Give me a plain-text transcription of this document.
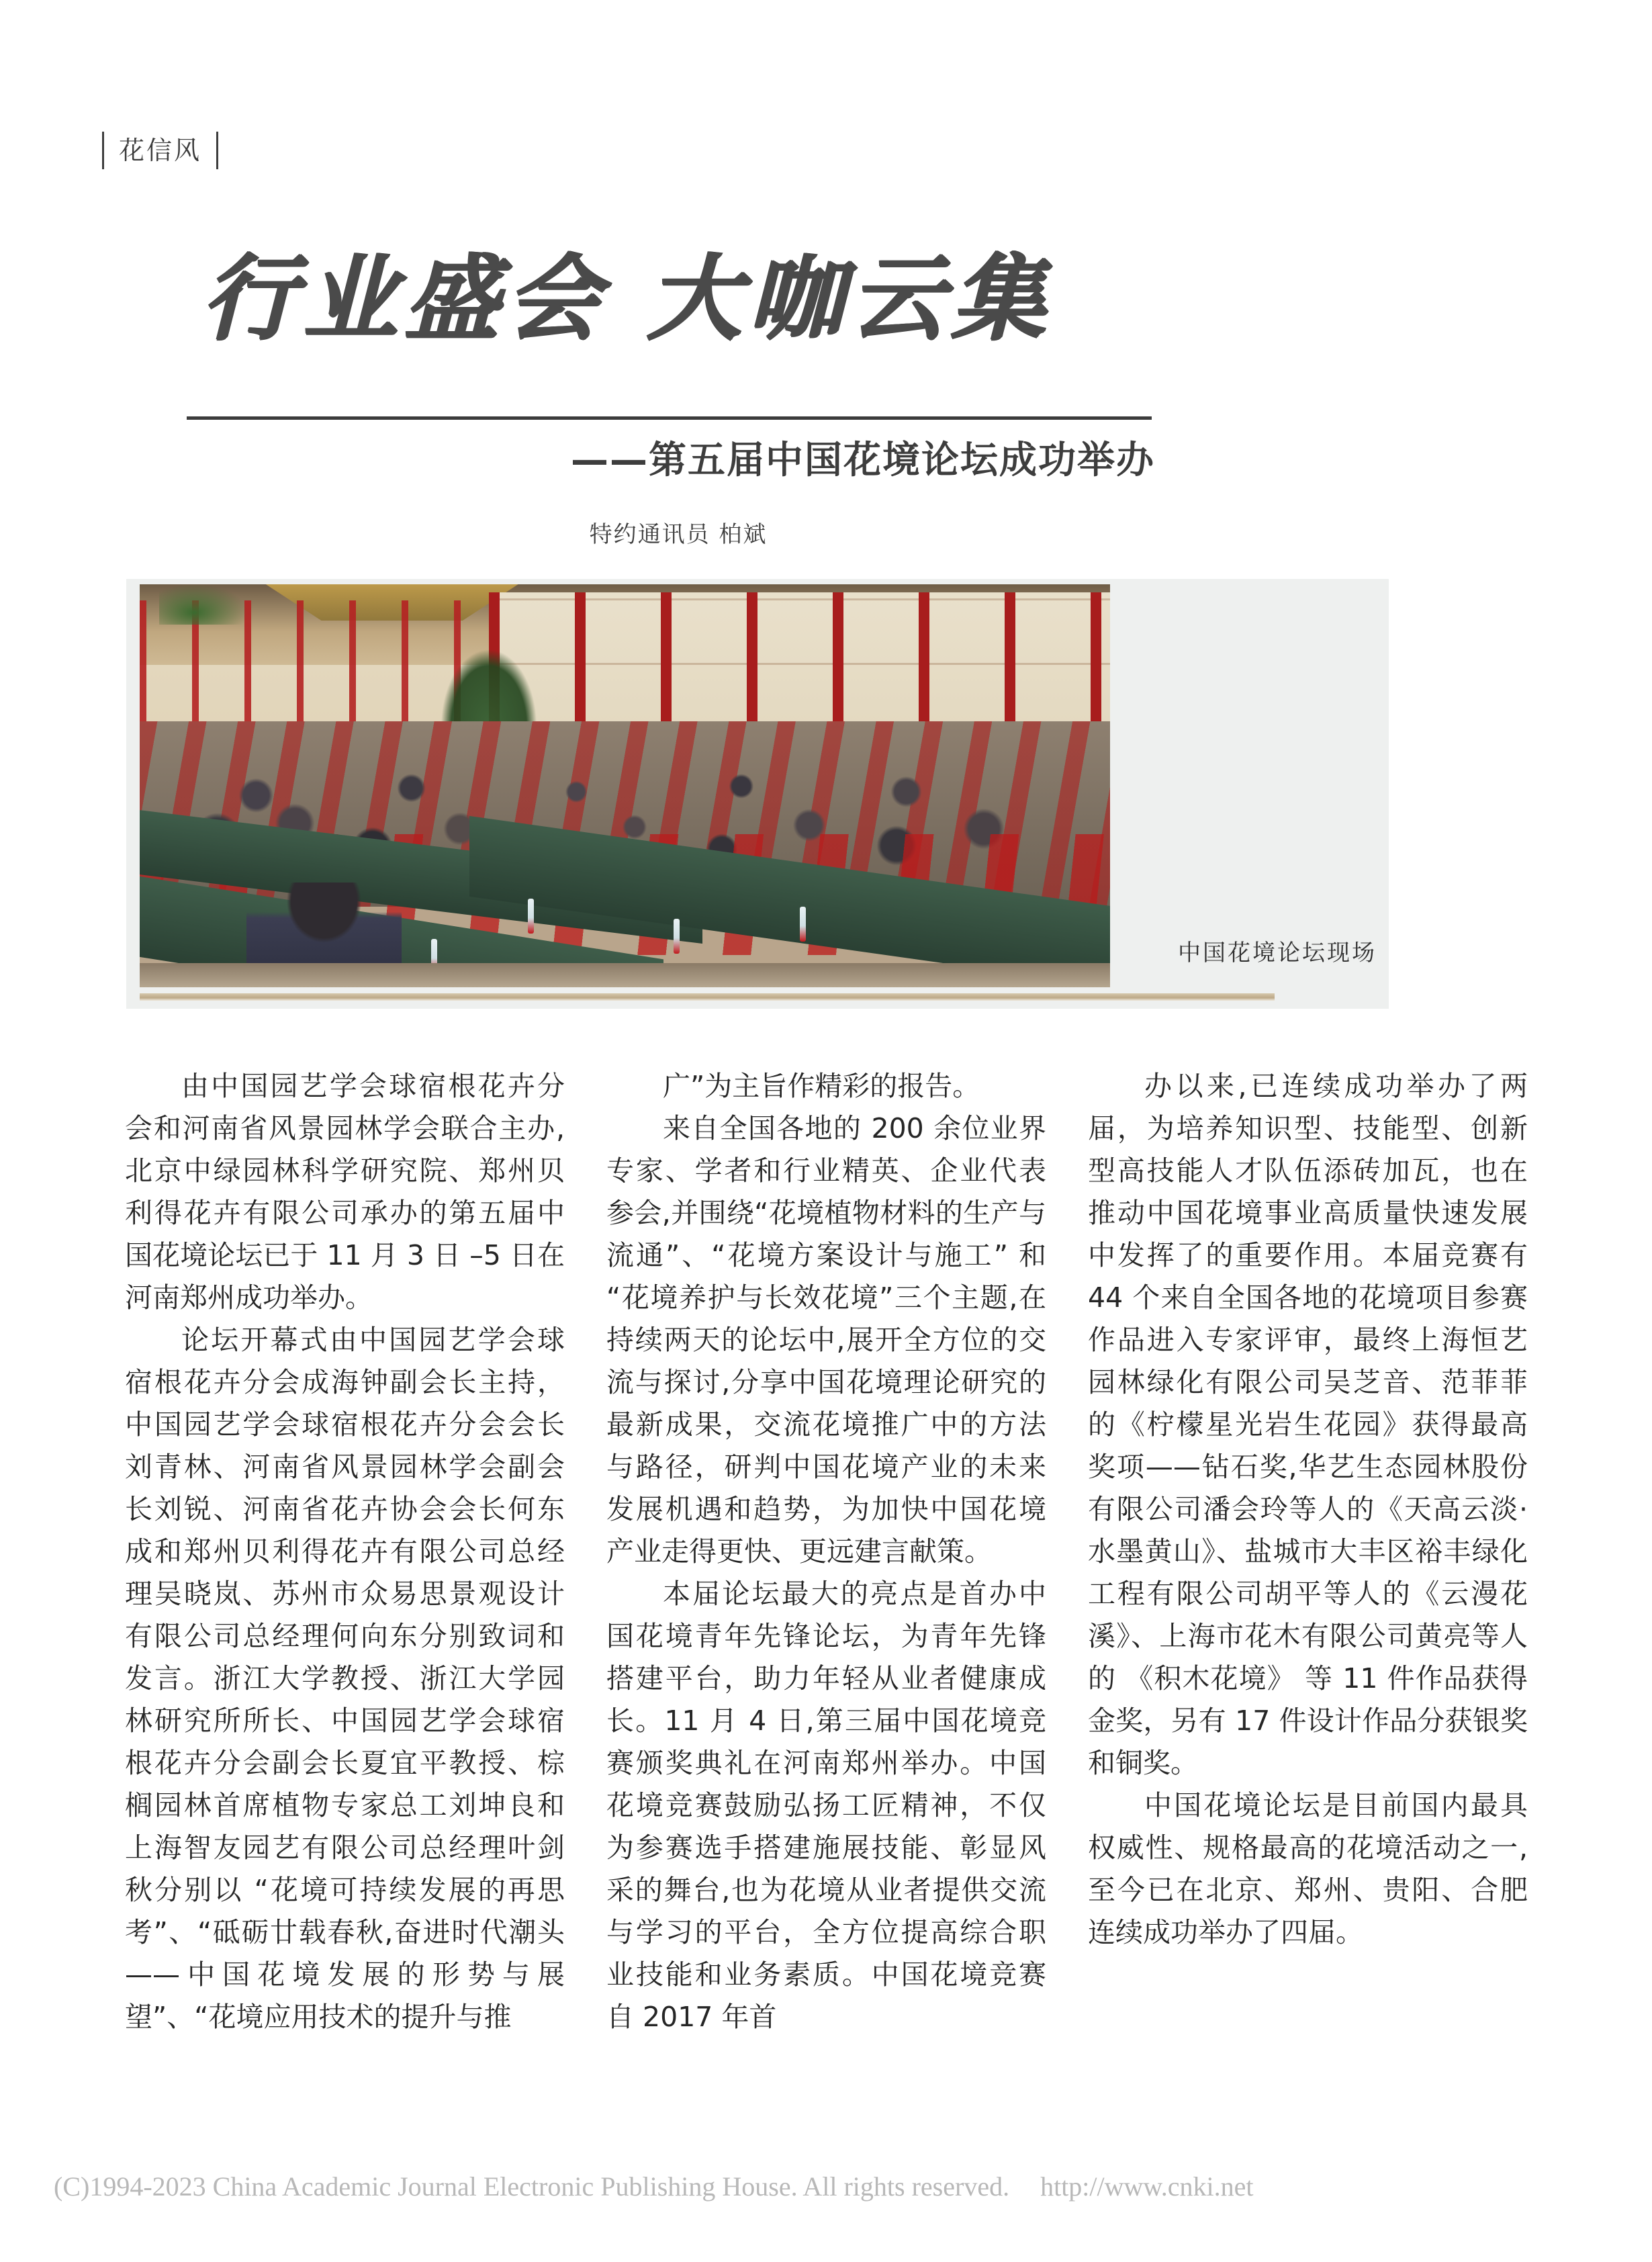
花信风
行业盛会 大咖云集
——第五届中国花境论坛成功举办
特约通讯员 柏斌
中国花境论坛现场

由中国园艺学会球宿根花卉分会和河南省风景园林学会联合主办,北京中绿园林科学研究院、郑州贝利得花卉有限公司承办的第五届中国花境论坛已于 11 月 3 日 –5 日在河南郑州成功举办。

论坛开幕式由中国园艺学会球宿根花卉分会成海钟副会长主持，中国园艺学会球宿根花卉分会会长刘青林、河南省风景园林学会副会长刘锐、河南省花卉协会会长何东成和郑州贝利得花卉有限公司总经理吴晓岚、苏州市众易思景观设计有限公司总经理何向东分别致词和发言。浙江大学教授、浙江大学园林研究所所长、中国园艺学会球宿根花卉分会副会长夏宜平教授、棕榈园林首席植物专家总工刘坤良和上海智友园艺有限公司总经理叶剑秋分别以 “花境可持续发展的再思考”、“砥砺廿载春秋,奋进时代潮头——中国花境发展的形势与展望”、“花境应用技术的提升与推

广”为主旨作精彩的报告。

来自全国各地的 200 余位业界专家、学者和行业精英、企业代表参会,并围绕“花境植物材料的生产与流通”、“花境方案设计与施工” 和 “花境养护与长效花境”三个主题,在持续两天的论坛中,展开全方位的交流与探讨,分享中国花境理论研究的最新成果，交流花境推广中的方法与路径，研判中国花境产业的未来发展机遇和趋势，为加快中国花境产业走得更快、更远建言献策。

本届论坛最大的亮点是首办中国花境青年先锋论坛，为青年先锋搭建平台，助力年轻从业者健康成长。11 月 4 日,第三届中国花境竞赛颁奖典礼在河南郑州举办。中国花境竞赛鼓励弘扬工匠精神，不仅为参赛选手搭建施展技能、彰显风采的舞台,也为花境从业者提供交流与学习的平台，全方位提高综合职业技能和业务素质。中国花境竞赛自 2017 年首

办以来,已连续成功举办了两届，为培养知识型、技能型、创新型高技能人才队伍添砖加瓦，也在推动中国花境事业高质量快速发展中发挥了的重要作用。本届竞赛有 44 个来自全国各地的花境项目参赛作品进入专家评审，最终上海恒艺园林绿化有限公司吴芝音、范菲菲的《柠檬星光岩生花园》获得最高奖项——钻石奖,华艺生态园林股份有限公司潘会玲等人的《天高云淡·水墨黄山》、盐城市大丰区裕丰绿化工程有限公司胡平等人的《云漫花溪》、上海市花木有限公司黄亮等人的 《积木花境》 等 11 件作品获得金奖，另有 17 件设计作品分获银奖和铜奖。

中国花境论坛是目前国内最具权威性、规格最高的花境活动之一,至今已在北京、郑州、贵阳、合肥连续成功举办了四届。

(C)1994-2023 China Academic Journal Electronic Publishing House. All rights reserved. http://www.cnki.net
